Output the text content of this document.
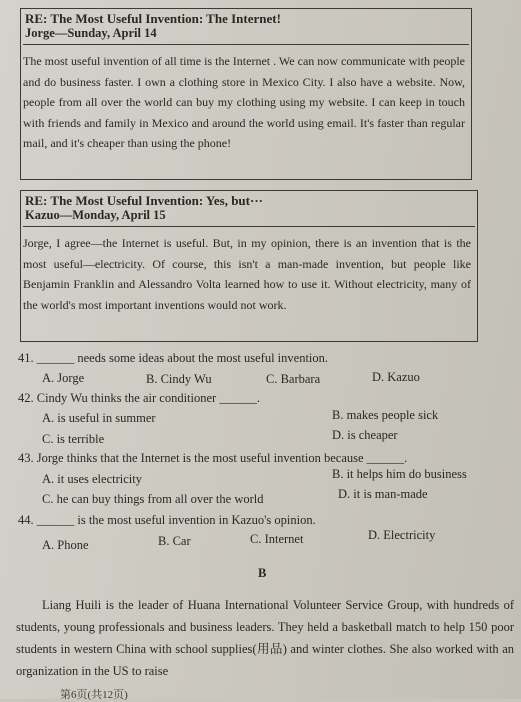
RE: The Most Useful Invention: The Internet!
Jorge—Sunday, April 14
The most useful invention of all time is the Internet . We can now communicate with people and do business faster. I own a clothing store in Mexico City. I also have a website. Now, people from all over the world can buy my clothing using my website. I can keep in touch with friends and family in Mexico and around the world using email. It's faster than regular mail, and it's cheaper than using the phone!
RE: The Most Useful Invention: Yes, but···
Kazuo—Monday, April 15
Jorge, I agree—the Internet is useful. But, in my opinion, there is an invention that is the most useful—electricity. Of course, this isn't a man-made invention, but people like Benjamin Franklin and Alessandro Volta learned how to use it. Without electricity, many of the world's most important inventions would not work.
41. ______ needs some ideas about the most useful invention.
A. Jorge	B. Cindy Wu	C. Barbara	D. Kazuo
42. Cindy Wu thinks the air conditioner ______.
A. is useful in summer	B. makes people sick
C. is terrible	D. is cheaper
43. Jorge thinks that the Internet is the most useful invention because ______.
A. it uses electricity	B. it helps him do business
C. he can buy things from all over the world	D. it is man-made
44. ______ is the most useful invention in Kazuo's opinion.
A. Phone	B. Car	C. Internet	D. Electricity
B
Liang Huili is the leader of Huana International Volunteer Service Group, with hundreds of students, young professionals and business leaders. They held a basketball match to help 150 poor students in western China with school supplies(用品) and winter clothes. She also worked with an organization in the US to raise
第6页(共12页)
